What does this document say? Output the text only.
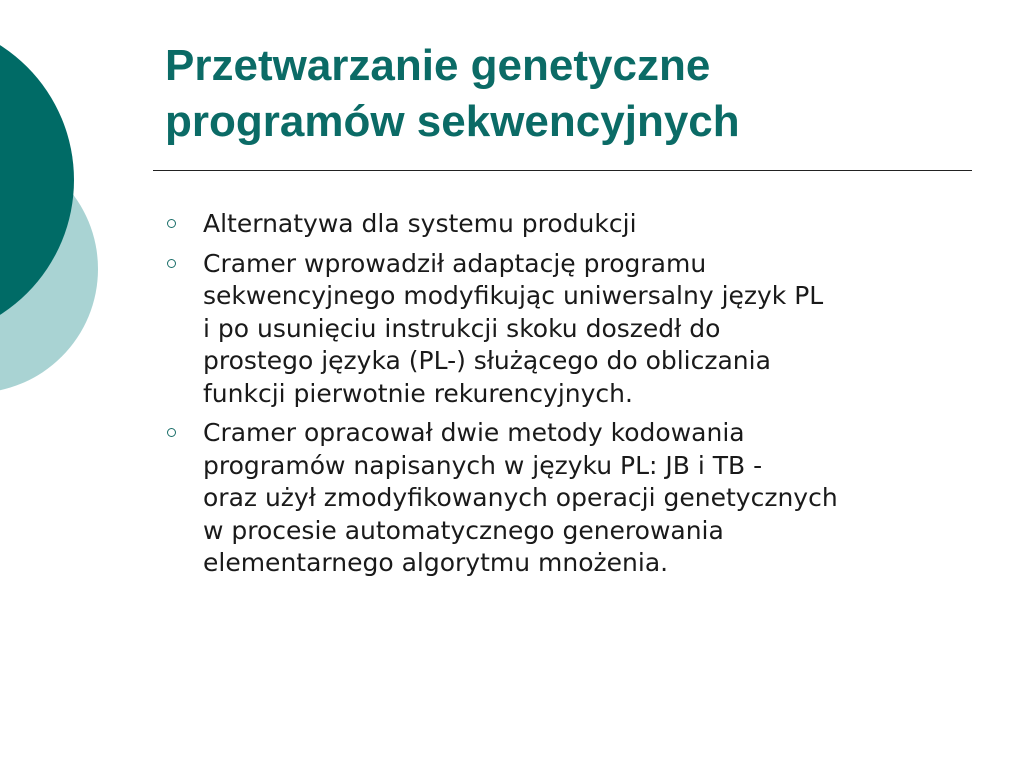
Przetwarzanie genetyczne
programów sekwencyjnych
Alternatywa dla systemu produkcji
Cramer wprowadził adaptację programu
sekwencyjnego modyfikując uniwersalny język PL
i po usunięciu instrukcji skoku doszedł do
prostego języka (PL-) służącego do obliczania
funkcji pierwotnie rekurencyjnych.
Cramer opracował dwie metody kodowania
programów napisanych w języku PL: JB i TB -
oraz użył zmodyfikowanych operacji genetycznych
w procesie automatycznego generowania
elementarnego algorytmu mnożenia.
